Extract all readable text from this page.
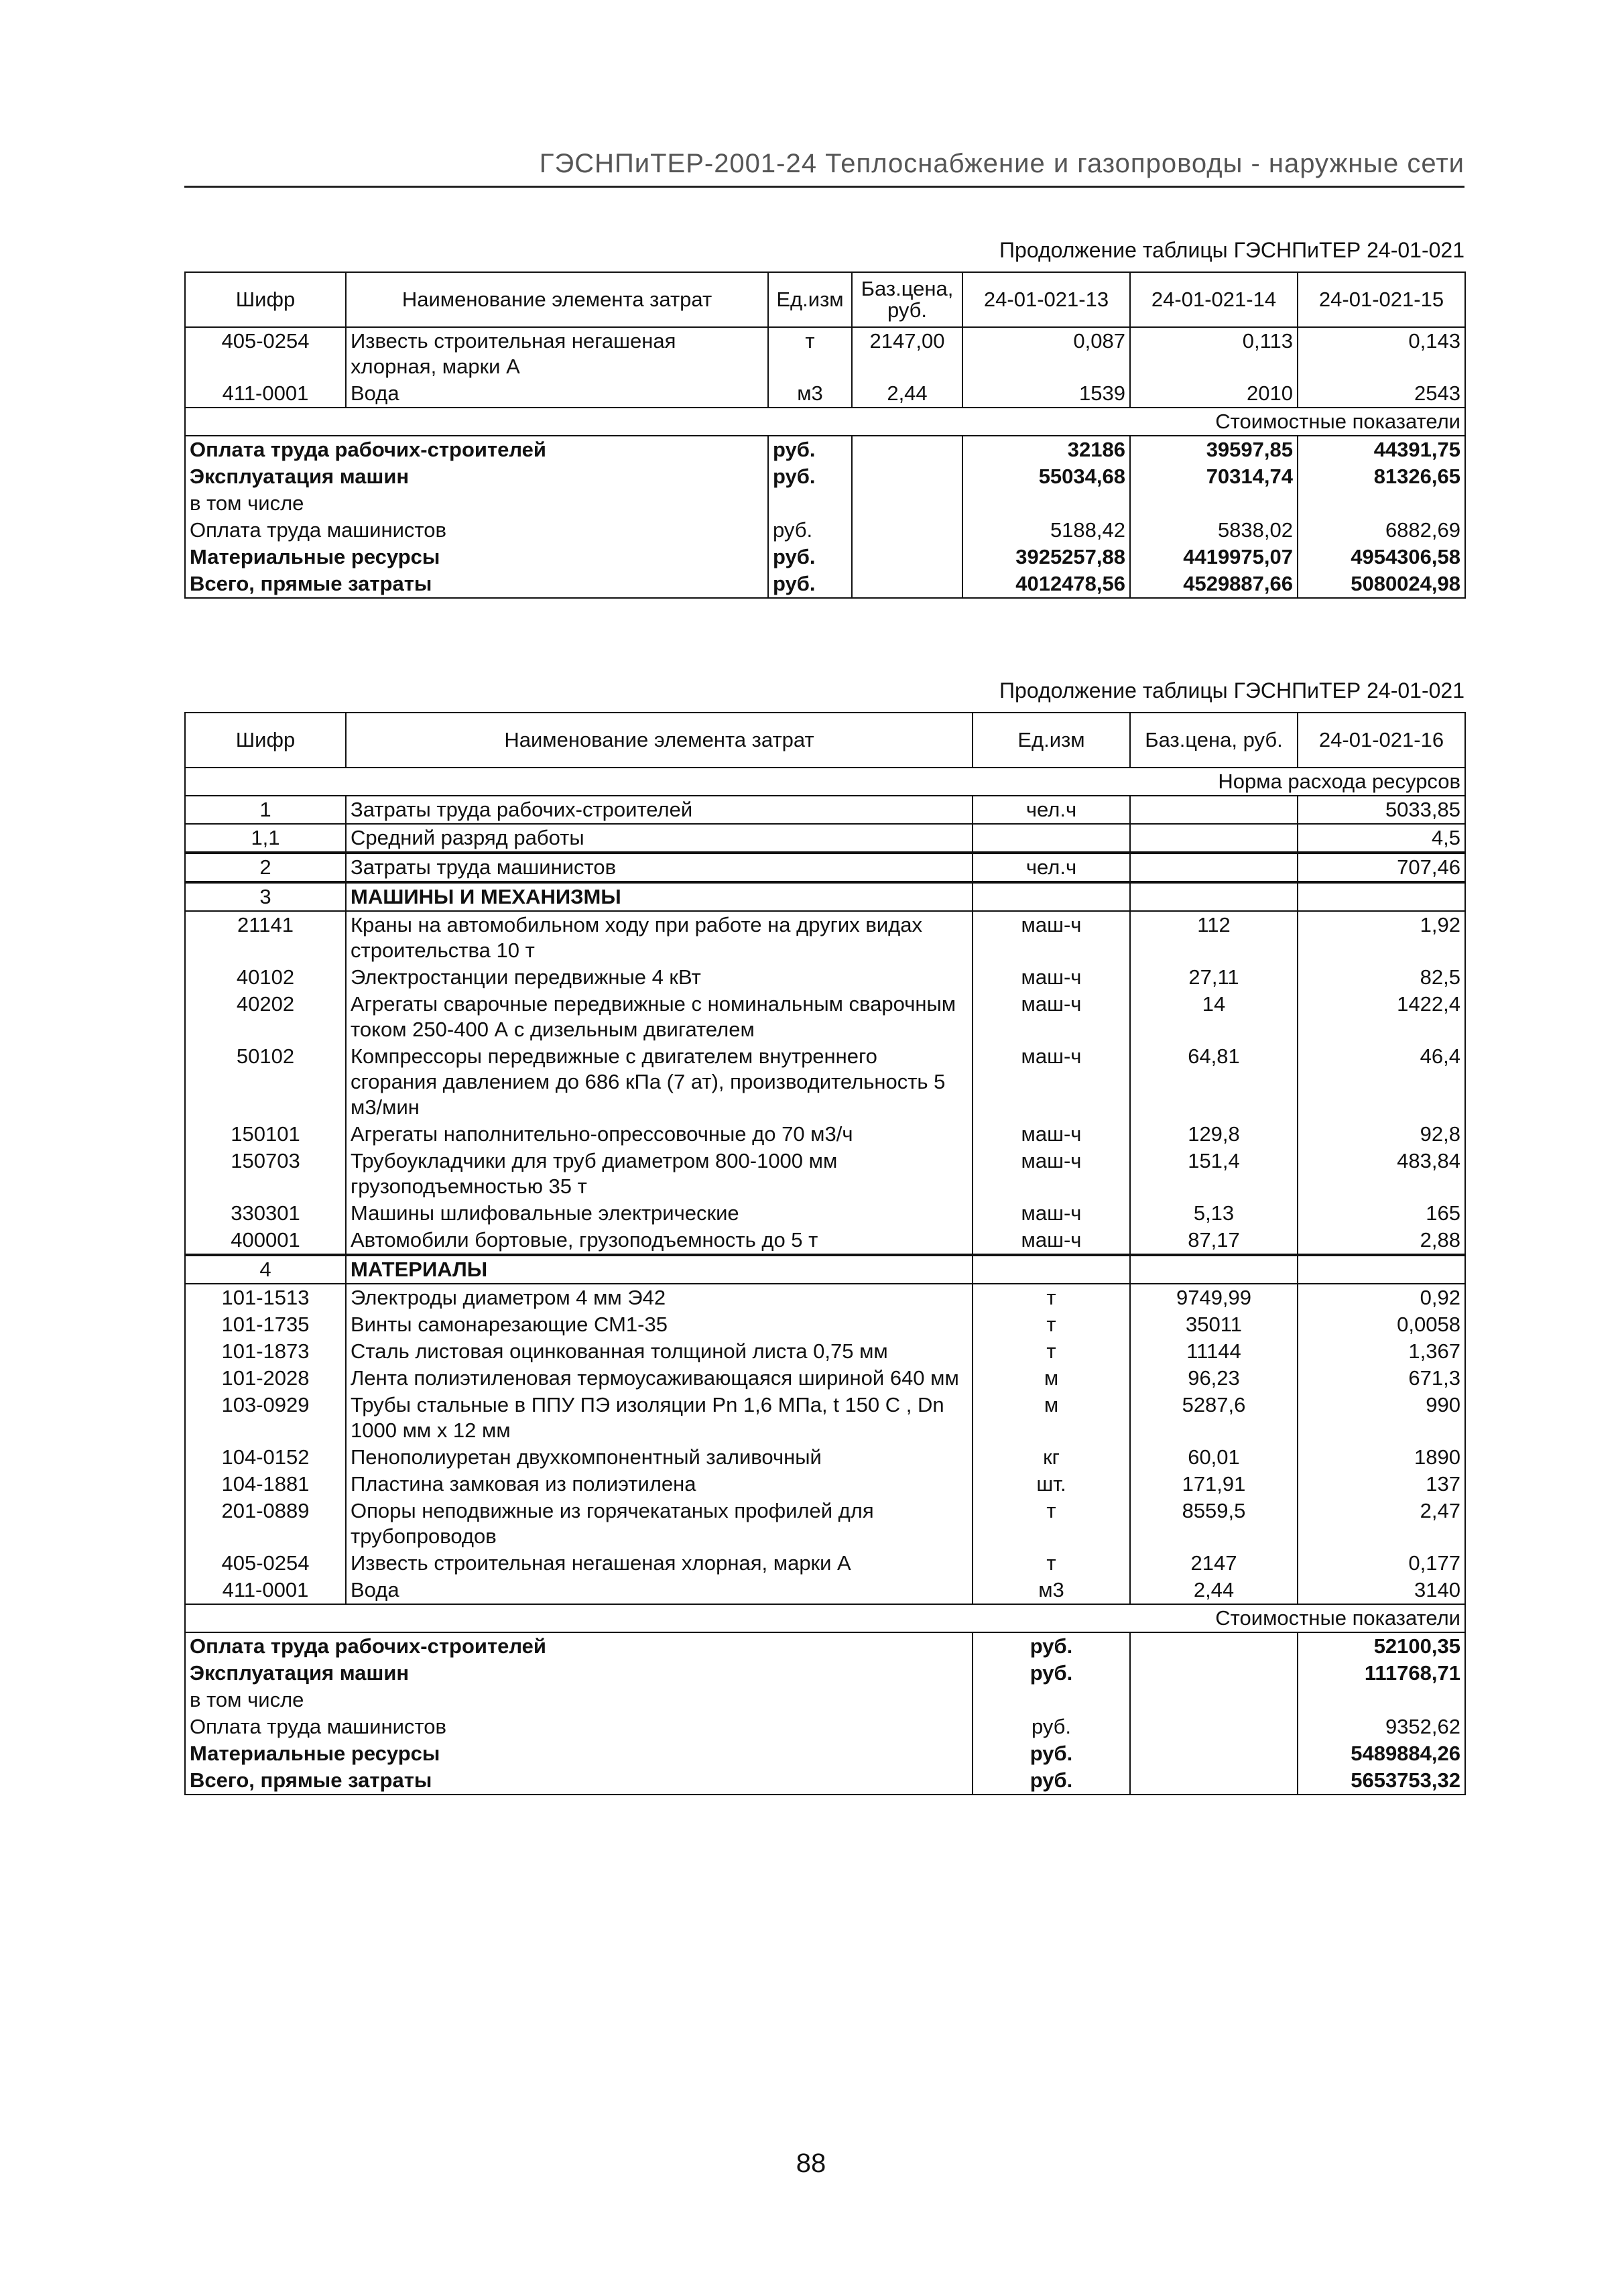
ГЭСНПиТЕР-2001-24 Теплоснабжение и газопроводы - наружные сети
Продолжение таблицы ГЭСНПиТЕР 24-01-021
Шифр	Наименование элемента затрат	Ед.изм	Баз.цена, руб.	24-01-021-13	24-01-021-14	24-01-021-15
405-0254	Известь строительная негашеная хлорная, марки А	т	2147,00	0,087	0,113	0,143
411-0001	Вода	м3	2,44	1539	2010	2543
Стоимостные показатели						
Оплата труда рабочих-строителей		руб.		32186	39597,85	44391,75
Эксплуатация машин		руб.		55034,68	70314,74	81326,65
в том числе						
Оплата труда машинистов		руб.		5188,42	5838,02	6882,69
Материальные ресурсы		руб.		3925257,88	4419975,07	4954306,58
Всего, прямые затраты		руб.		4012478,56	4529887,66	5080024,98
Продолжение таблицы ГЭСНПиТЕР 24-01-021
Шифр	Наименование элемента затрат	Ед.изм	Баз.цена, руб.	24-01-021-16
Норма расхода ресурсов				
1	Затраты труда рабочих-строителей	чел.ч		5033,85
1,1	Средний разряд работы			4,5
2	Затраты труда машинистов	чел.ч		707,46
3	МАШИНЫ И МЕХАНИЗМЫ			
21141	Краны на автомобильном ходу при работе на других видах строительства 10 т	маш-ч	112	1,92
40102	Электростанции передвижные 4 кВт	маш-ч	27,11	82,5
40202	Агрегаты сварочные передвижные с номинальным сварочным током 250-400 А с дизельным двигателем	маш-ч	14	1422,4
50102	Компрессоры передвижные с двигателем внутреннего сгорания давлением до 686 кПа (7 ат), производительность 5 м3/мин	маш-ч	64,81	46,4
150101	Агрегаты наполнительно-опрессовочные до 70 м3/ч	маш-ч	129,8	92,8
150703	Трубоукладчики для труб диаметром 800-1000 мм грузоподъемностью 35 т	маш-ч	151,4	483,84
330301	Машины шлифовальные электрические	маш-ч	5,13	165
400001	Автомобили бортовые, грузоподъемность до 5 т	маш-ч	87,17	2,88
4	МАТЕРИАЛЫ			
101-1513	Электроды диаметром 4 мм Э42	т	9749,99	0,92
101-1735	Винты самонарезающие СМ1-35	т	35011	0,0058
101-1873	Сталь листовая оцинкованная толщиной листа 0,75 мм	т	11144	1,367
101-2028	Лента полиэтиленовая термоусаживающаяся шириной 640 мм	м	96,23	671,3
103-0929	Трубы стальные в ППУ ПЭ изоляции Pn 1,6 МПа, t 150 С , Dn 1000 мм х 12 мм	м	5287,6	990
104-0152	Пенополиуретан двухкомпонентный заливочный	кг	60,01	1890
104-1881	Пластина замковая из полиэтилена	шт.	171,91	137
201-0889	Опоры неподвижные из горячекатаных профилей для трубопроводов	т	8559,5	2,47
405-0254	Известь строительная негашеная хлорная, марки А	т	2147	0,177
411-0001	Вода	м3	2,44	3140
Стоимостные показатели				
Оплата труда рабочих-строителей		руб.		52100,35
Эксплуатация машин		руб.		111768,71
в том числе				
Оплата труда машинистов		руб.		9352,62
Материальные ресурсы		руб.		5489884,26
Всего, прямые затраты		руб.		5653753,32
88
